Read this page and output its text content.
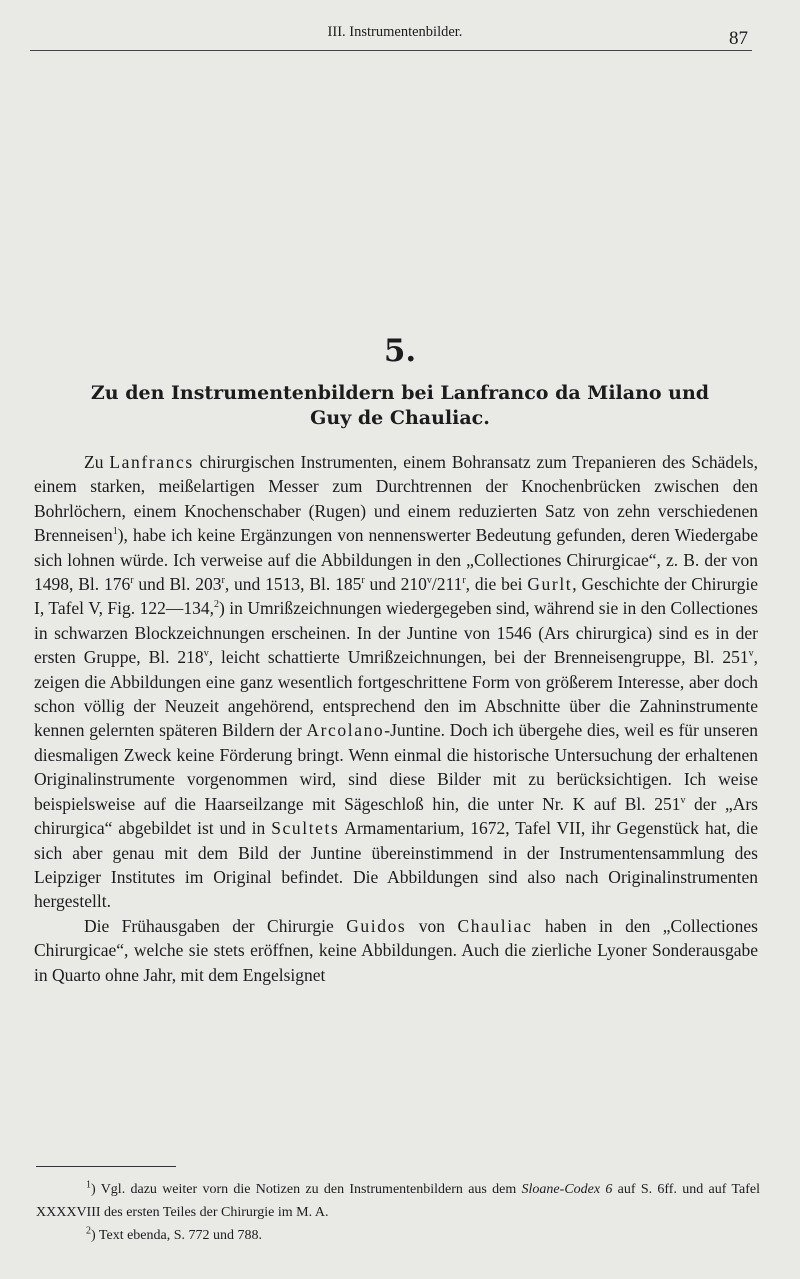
III. Instrumentenbilder.	87
5.
Zu den Instrumentenbildern bei Lanfranco da Milano und
Guy de Chauliac.

Zu Lanfrancs chirurgischen Instrumenten, einem Bohransatz zum Trepanieren des Schädels, einem starken, meißelartigen Messer zum Durchtrennen der Knochenbrücken zwischen den Bohrlöchern, einem Knochenschaber (Rugen) und einem reduzierten Satz von zehn verschiedenen Brenneisen$^1$), habe ich keine Ergänzungen von nennenswerter Bedeutung gefunden, deren Wiedergabe sich lohnen würde. Ich verweise auf die Abbildungen in den „Collectiones Chirurgicae“, z. B. der von 1498, Bl. 176$^r$ und Bl. 203$^r$, und 1513, Bl. 185$^r$ und 210$^v$/211$^r$, die bei Gurlt, Geschichte der Chirurgie I, Tafel V, Fig. 122—134,$^2$) in Umrißzeichnungen wiedergegeben sind, während sie in den Collectiones in schwarzen Blockzeichnungen erscheinen. In der Juntine von 1546 (Ars chirurgica) sind es in der ersten Gruppe, Bl. 218$^v$, leicht schattierte Umrißzeichnungen, bei der Brenneisengruppe, Bl. 251$^v$, zeigen die Abbildungen eine ganz wesentlich fortgeschrittene Form von größerem Interesse, aber doch schon völlig der Neuzeit angehörend, entsprechend den im Abschnitte über die Zahninstrumente kennen gelernten späteren Bildern der Arcolano-Juntine. Doch ich übergehe dies, weil es für unseren diesmaligen Zweck keine Förderung bringt. Wenn einmal die historische Untersuchung der erhaltenen Originalinstrumente vorgenommen wird, sind diese Bilder mit zu berücksichtigen. Ich weise beispielsweise auf die Haarseilzange mit Sägeschloß hin, die unter Nr. K auf Bl. 251$^v$ der „Ars chirurgica“ abgebildet ist und in Scultets Armamentarium, 1672, Tafel VII, ihr Gegenstück hat, die sich aber genau mit dem Bild der Juntine übereinstimmend in der Instrumentensammlung des Leipziger Institutes im Original befindet. Die Abbildungen sind also nach Originalinstrumenten hergestellt.

Die Frühausgaben der Chirurgie Guidos von Chauliac haben in den „Collectiones Chirurgicae“, welche sie stets eröffnen, keine Abbildungen. Auch die zierliche Lyoner Sonderausgabe in Quarto ohne Jahr, mit dem Engelsignet

$^1$) Vgl. dazu weiter vorn die Notizen zu den Instrumentenbildern aus dem Sloane-Codex 6 auf S. 6ff. und auf Tafel XXXXVIII des ersten Teiles der Chirurgie im M. A.

$^2$) Text ebenda, S. 772 und 788.
